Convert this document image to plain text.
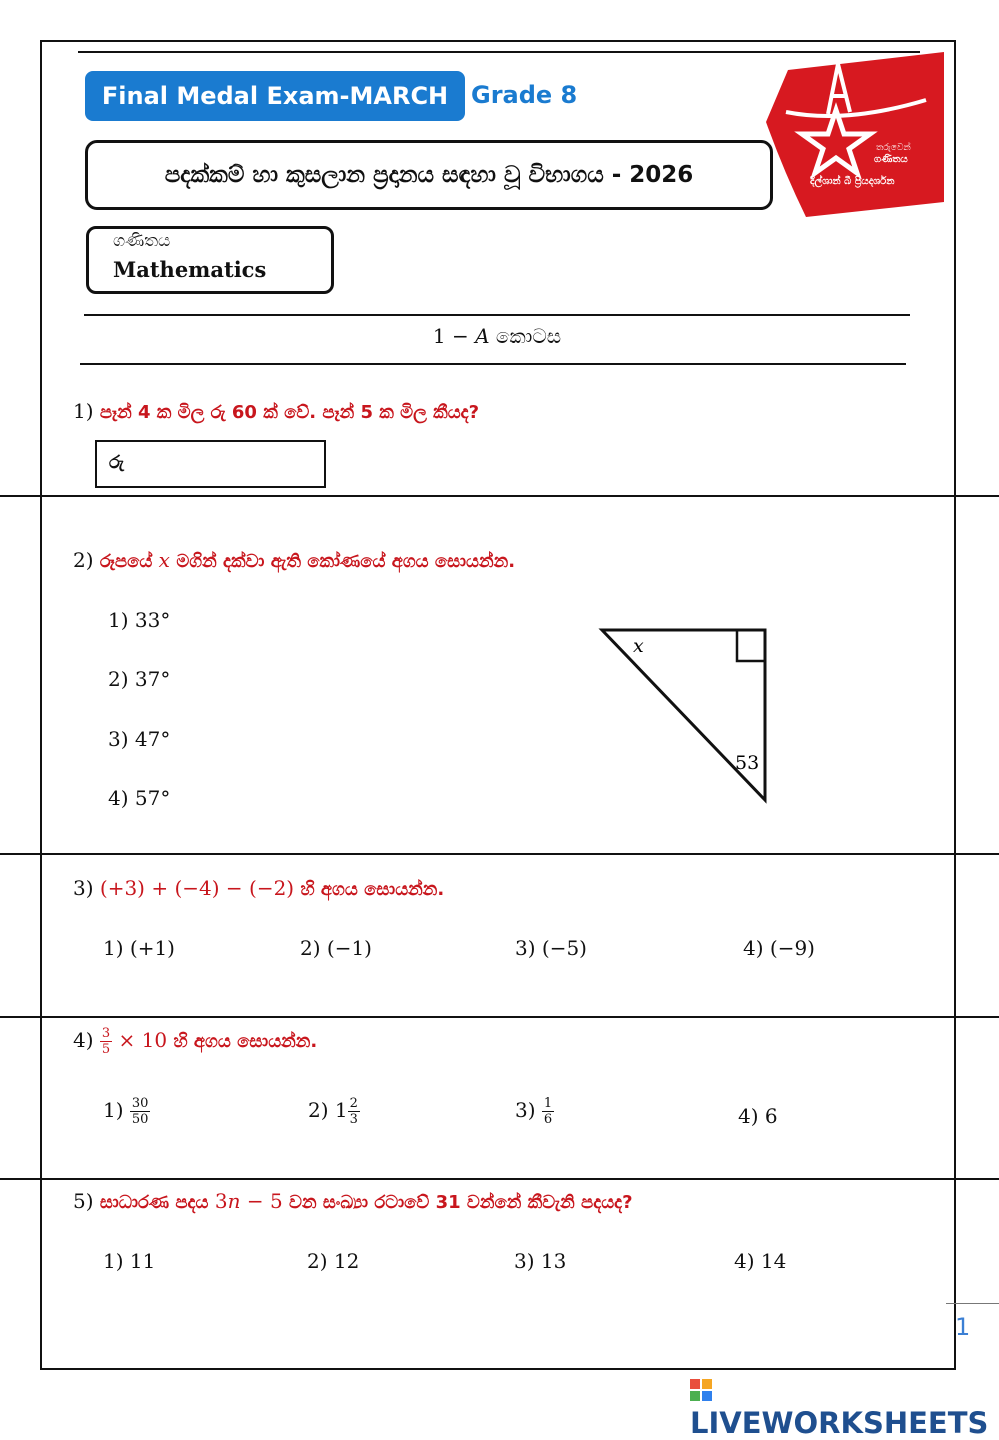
Final Medal Exam-MARCH Grade 8
පදක්කම් හා කුසලාන ප්‍රදානය සඳහා වූ විභාගය - 2026
ගණිතය
Mathematics
තරුවෙන්
ගණිතය
දිල්ශාන් බී ප්‍රියදර්ශන
1 − 𝐴 කොටස
1) පෑන් 4 ක මිල රු 60 ක් වේ. පෑන් 5 ක මිල කීයද?
රු
2) රූපයේ 𝑥 මගින් දක්වා ඇති කෝණයේ අගය සොයන්න.
1) 33°
2) 37°
3) 47°
4) 57°
𝑥
53
3) (+3) + (−4) − (−2) හි අගය සොයන්න.
1) (+1)	2) (−1)	3) (−5)	4) (−9)
$4) \frac{3}{5} \times 10$ හි අගය සොයන්න.
$1) \frac{30}{50}$	2) $1 \frac{2}{3}$	$3) \frac{1}{6}$	4) 6
5) සාධාරණ පදය 3𝑛 − 5 වන සංඛ්‍යා රටාවේ 31 වන්නේ කීවැනි පදයද?
1) 11	2) 12	3) 13	4) 14
1
LIVEWORKSHEETS
